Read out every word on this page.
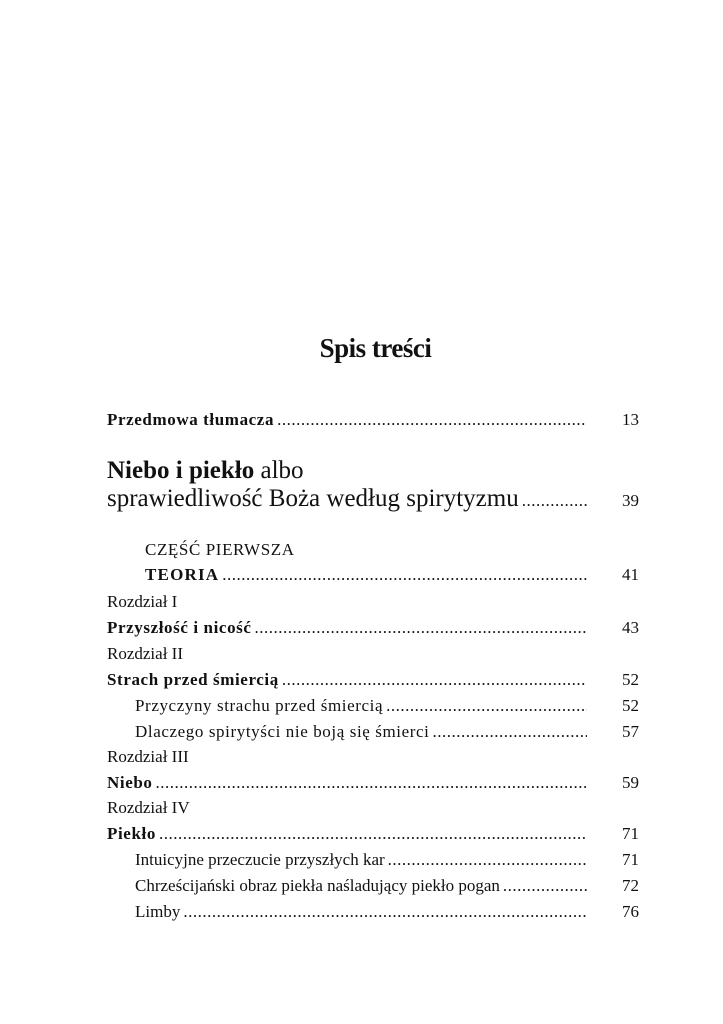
Spis treści
Przedmowa tłumacza .....	13
Niebo i piekło albo
sprawiedliwość Boża według spirytyzmu .....	39
CZĘŚĆ PIERWSZA
TEORIA .....	41
Rozdział I
Przyszłość i nicość .....	43
Rozdział II
Strach przed śmiercią .....	52
Przyczyny strachu przed śmiercią .....	52
Dlaczego spirytyści nie boją się śmierci .....	57
Rozdział III
Niebo .....	59
Rozdział IV
Piekło .....	71
Intuicyjne przeczucie przyszłych kar .....	71
Chrześcijański obraz piekła naśladujący piekło pogan .....	72
Limby .....	76
